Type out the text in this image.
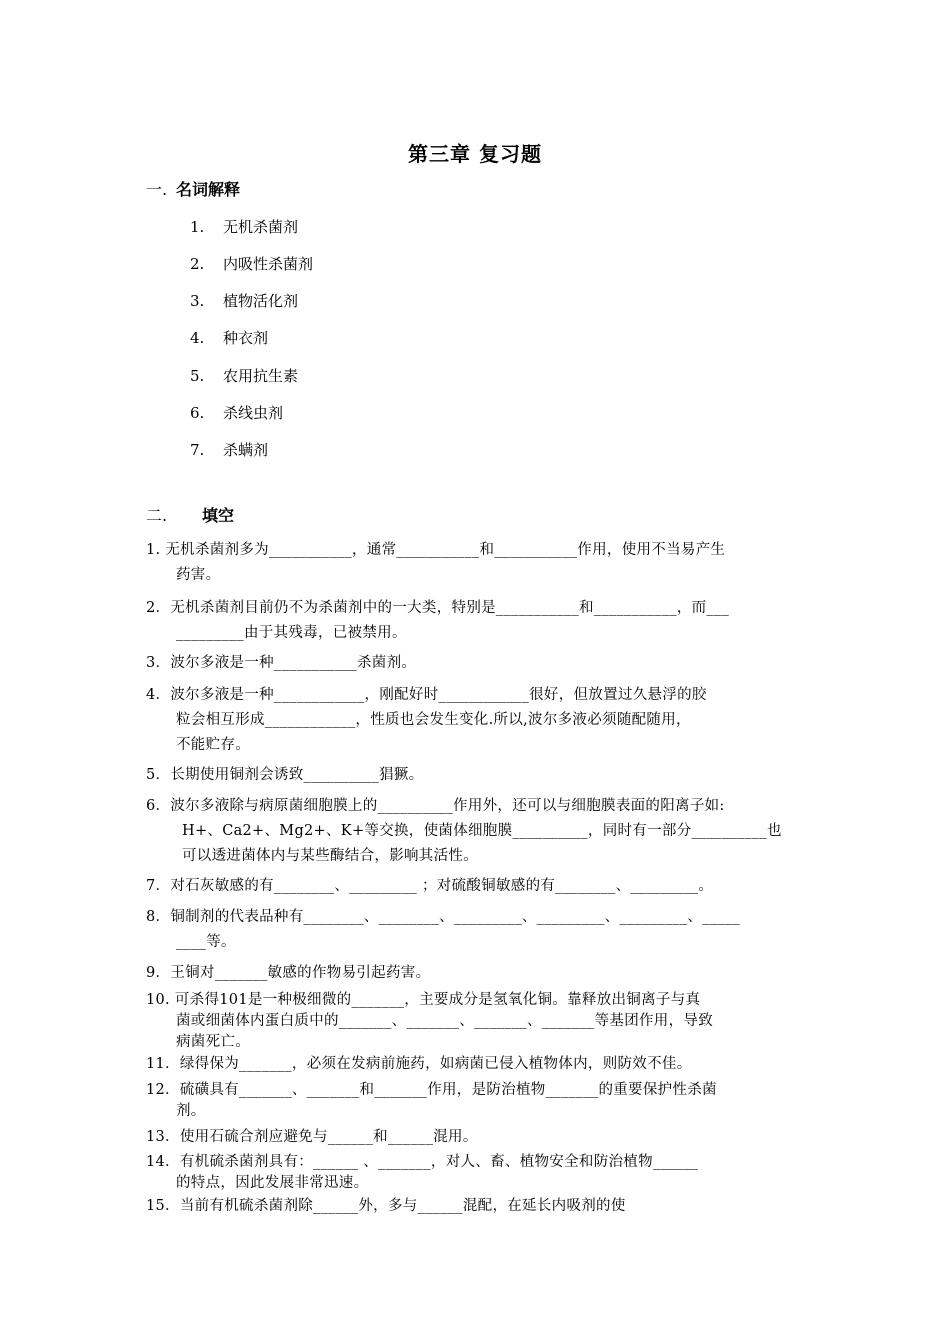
第三章 复习题
一. 名词解释
1. 无机杀菌剂
2. 内吸性杀菌剂
3. 植物活化剂
4. 种衣剂
5. 农用抗生素
6. 杀线虫剂
7. 杀螨剂
二. 填空
1. 无机杀菌剂多为___________，通常___________和___________作用，使用不当易产生
药害。
2．无机杀菌剂目前仍不为杀菌剂中的一大类，特别是___________和___________，而___
_________由于其残毒，已被禁用。
3．波尔多液是一种___________杀菌剂。
4．波尔多液是一种____________，刚配好时____________很好，但放置过久悬浮的胶
粒会相互形成____________，性质也会发生变化.所以,波尔多液必须随配随用，
不能贮存。
5．长期使用铜剂会诱致__________猖獗。
6．波尔多液除与病原菌细胞膜上的__________作用外，还可以与细胞膜表面的阳离子如:
H+、Ca2+、Mg2+、K+等交换，使菌体细胞膜__________，同时有一部分__________也
可以透进菌体内与某些酶结合，影响其活性。
7．对石灰敏感的有________、_________ ；对硫酸铜敏感的有________、_________。
8．铜制剂的代表品种有________、________、_________、_________、_________、_____
____等。
9．王铜对_______敏感的作物易引起药害。
10. 可杀得101是一种极细微的_______，主要成分是氢氧化铜。靠释放出铜离子与真
菌或细菌体内蛋白质中的_______、_______、_______、_______等基团作用，导致
病菌死亡。
11．绿得保为_______，必须在发病前施药，如病菌已侵入植物体内，则防效不佳。
12．硫磺具有_______、_______和_______作用，是防治植物_______的重要保护性杀菌
剂。
13．使用石硫合剂应避免与______和______混用。
14．有机硫杀菌剂具有：______ 、_______，对人、畜、植物安全和防治植物______
的特点，因此发展非常迅速。
15．当前有机硫杀菌剂除______外，多与______混配，在延长内吸剂的使
